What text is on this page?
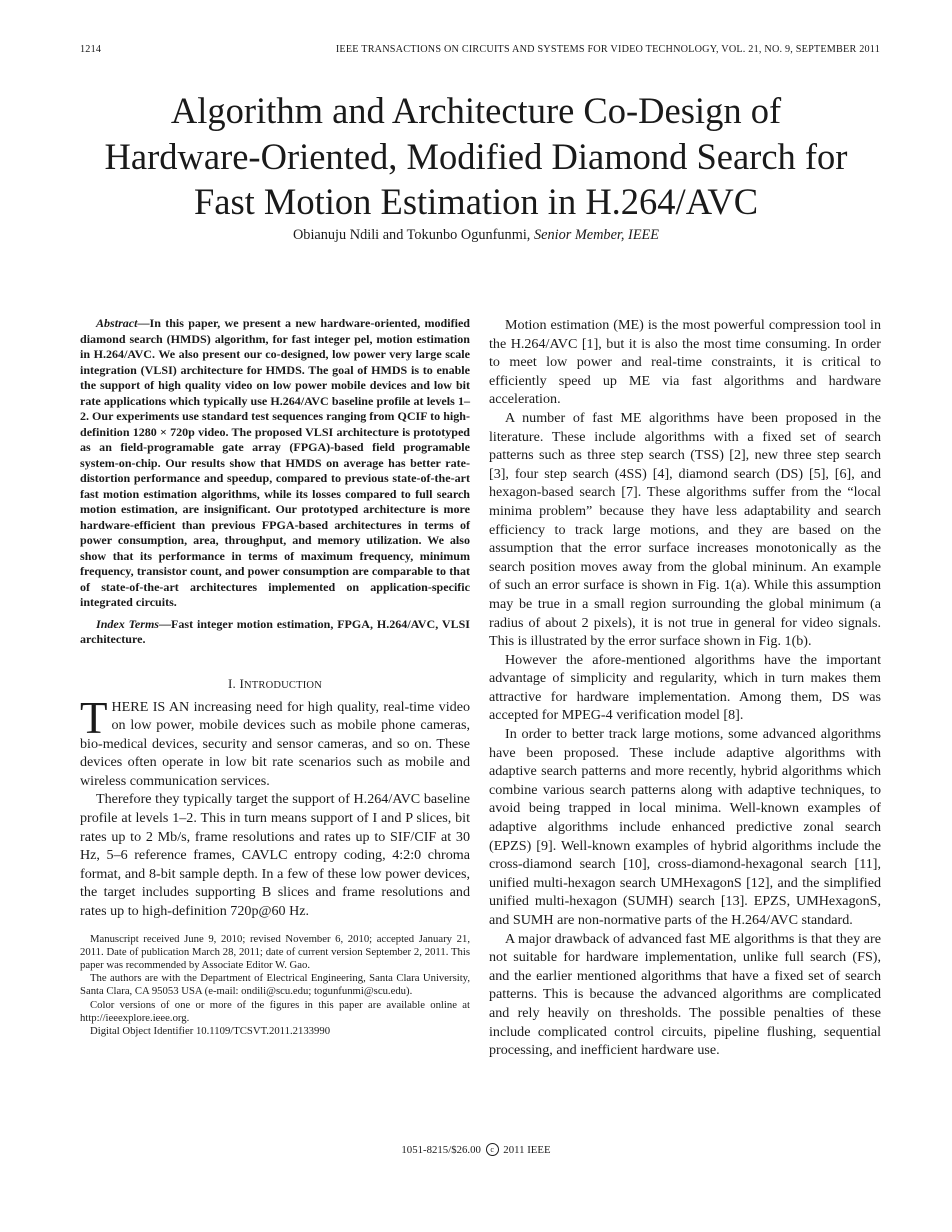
1214	IEEE TRANSACTIONS ON CIRCUITS AND SYSTEMS FOR VIDEO TECHNOLOGY, VOL. 21, NO. 9, SEPTEMBER 2011
Algorithm and Architecture Co-Design of
Hardware-Oriented, Modified Diamond Search for
Fast Motion Estimation in H.264/AVC
Obianuju Ndili and Tokunbo Ogunfunmi, Senior Member, IEEE

Abstract—In this paper, we present a new hardware-oriented, modified diamond search (HMDS) algorithm, for fast integer pel, motion estimation in H.264/AVC. We also present our co-designed, low power very large scale integration (VLSI) architecture for HMDS. The goal of HMDS is to enable the support of high quality video on low power mobile devices and low bit rate applications which typically use H.264/AVC baseline profile at levels 1–2. Our experiments use standard test sequences ranging from QCIF to high-definition 1280 × 720p video. The proposed VLSI architecture is prototyped as an field-programable gate array (FPGA)-based field programable system-on-chip. Our results show that HMDS on average has better rate-distortion performance and speedup, compared to previous state-of-the-art fast motion estimation algorithms, while its losses compared to full search motion estimation, are insignificant. Our prototyped architecture is more hardware-efficient than previous FPGA-based architectures in terms of power consumption, area, throughput, and memory utilization. We also show that its performance in terms of maximum frequency, minimum frequency, transistor count, and power consumption are comparable to that of state-of-the-art architectures implemented on application-specific integrated circuits.

Index Terms—Fast integer motion estimation, FPGA, H.264/AVC, VLSI architecture.

I. INTRODUCTION

THERE IS AN increasing need for high quality, real-time video on low power, mobile devices such as mobile phone cameras, bio-medical devices, security and sensor cameras, and so on. These devices often operate in low bit rate scenarios such as mobile and wireless communication services.

Therefore they typically target the support of H.264/AVC baseline profile at levels 1–2. This in turn means support of I and P slices, bit rates up to 2 Mb/s, frame resolutions and rates up to SIF/CIF at 30 Hz, 5–6 reference frames, CAVLC entropy coding, 4:2:0 chroma format, and 8-bit sample depth. In a few of these low power devices, the target includes supporting B slices and frame resolutions and rates up to high-definition 720p@60 Hz.

Manuscript received June 9, 2010; revised November 6, 2010; accepted January 21, 2011. Date of publication March 28, 2011; date of current version September 2, 2011. This paper was recommended by Associate Editor W. Gao.

The authors are with the Department of Electrical Engineering, Santa Clara University, Santa Clara, CA 95053 USA (e-mail: ondili@scu.edu; togunfunmi@scu.edu).

Color versions of one or more of the figures in this paper are available online at http://ieeexplore.ieee.org.

Digital Object Identifier 10.1109/TCSVT.2011.2133990

Motion estimation (ME) is the most powerful compression tool in the H.264/AVC [1], but it is also the most time consuming. In order to meet low power and real-time constraints, it is critical to efficiently speed up ME via fast algorithms and hardware acceleration.

A number of fast ME algorithms have been proposed in the literature. These include algorithms with a fixed set of search patterns such as three step search (TSS) [2], new three step search [3], four step search (4SS) [4], diamond search (DS) [5], [6], and hexagon-based search [7]. These algorithms suffer from the “local minima problem” because they have less adaptability and search efficiency to track large motions, and they are based on the assumption that the error surface increases monotonically as the search position moves away from the global mininum. An example of such an error surface is shown in Fig. 1(a). While this assumption may be true in a small region surrounding the global minimum (a radius of about 2 pixels), it is not true in general for video signals. This is illustrated by the error surface shown in Fig. 1(b).

However the afore-mentioned algorithms have the important advantage of simplicity and regularity, which in turn makes them attractive for hardware implementation. Among them, DS was accepted for MPEG-4 verification model [8].

In order to better track large motions, some advanced algorithms have been proposed. These include adaptive algorithms with adaptive search patterns and more recently, hybrid algorithms which combine various search patterns along with adaptive techniques, to avoid being trapped in local minima. Well-known examples of adaptive algorithms include enhanced predictive zonal search (EPZS) [9]. Well-known examples of hybrid algorithms include the cross-diamond search [10], cross-diamond-hexagonal search [11], unified multi-hexagon search UMHexagonS [12], and the simplified unified multi-hexagon (SUMH) search [13]. EPZS, UMHexagonS, and SUMH are non-normative parts of the H.264/AVC standard.

A major drawback of advanced fast ME algorithms is that they are not suitable for hardware implementation, unlike full search (FS), and the earlier mentioned algorithms that have a fixed set of search patterns. This is because the advanced algorithms are complicated and rely heavily on thresholds. The possible penalties of these include complicated control circuits, pipeline flushing, sequential processing, and inefficient hardware use.

1051-8215/$26.00 c 2011 IEEE
